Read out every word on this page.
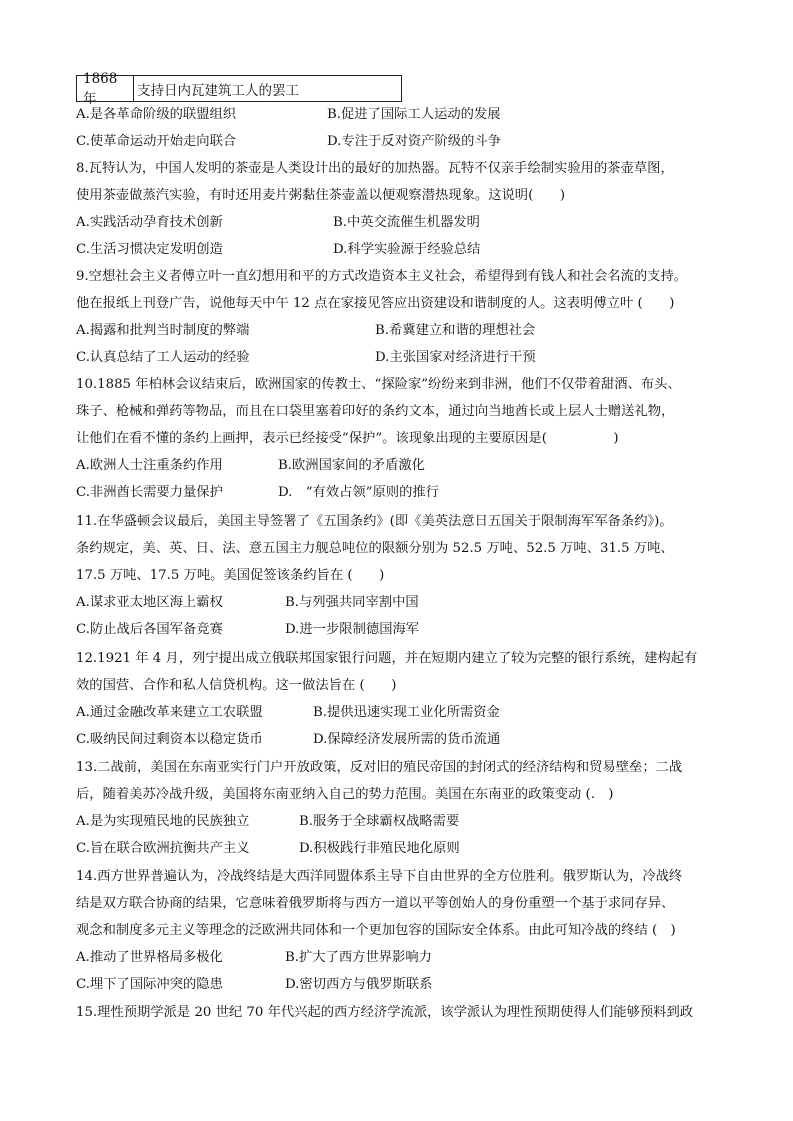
1868 年	支持日内瓦建筑工人的罢工
A.是各革命阶级的联盟组织	B.促进了国际工人运动的发展
C.使革命运动开始走向联合	D.专注于反对资产阶级的斗争
8.瓦特认为，中国人发明的茶壶是人类设计出的最好的加热器。瓦特不仅亲手绘制实验用的茶壶草图，
使用茶壶做蒸汽实验，有时还用麦片粥黏住茶壶盖以便观察潜热现象。这说明(　　)
A.实践活动孕育技术创新	B.中英交流催生机器发明
C.生活习惯决定发明创造	D.科学实验源于经验总结
9.空想社会主义者傅立叶一直幻想用和平的方式改造资本主义社会，希望得到有钱人和社会名流的支持。
他在报纸上刊登广告，说他每天中午 12 点在家接见答应出资建设和谐制度的人。这表明傅立叶 (　　)
A.揭露和批判当时制度的弊端	B.希冀建立和谐的理想社会
C.认真总结了工人运动的经验	D.主张国家对经济进行干预
10.1885 年柏林会议结束后，欧洲国家的传教士、“探险家”纷纷来到非洲，他们不仅带着甜酒、布头、
珠子、枪械和弹药等物品，而且在口袋里塞着印好的条约文本，通过向当地酋长或上层人士赠送礼物，
让他们在看不懂的条约上画押，表示已经接受“保护”。该现象出现的主要原因是(　　　　　)
A.欧洲人士注重条约作用	B.欧洲国家间的矛盾激化
C.非洲酋长需要力量保护	D.　“有效占领”原则的推行
11.在华盛顿会议最后，美国主导签署了《五国条约》(即《美英法意日五国关于限制海军军备条约》)。
条约规定，美、英、日、法、意五国主力舰总吨位的限额分别为 52.5 万吨、52.5 万吨、31.5 万吨、
17.5 万吨、17.5 万吨。美国促签该条约旨在 (　　)
A.谋求亚太地区海上霸权	B.与列强共同宰割中国
C.防止战后各国军备竞赛	D.进一步限制德国海军
12.1921 年 4 月，列宁提出成立俄联邦国家银行问题，并在短期内建立了较为完整的银行系统，建构起有
效的国营、合作和私人信贷机构。这一做法旨在 (　　)
A.通过金融改革来建立工农联盟	B.提供迅速实现工业化所需资金
C.吸纳民间过剩资本以稳定货币	D.保障经济发展所需的货币流通
13.二战前，美国在东南亚实行门户开放政策，反对旧的殖民帝国的封闭式的经济结构和贸易壁垒；二战
后，随着美苏冷战升级，美国将东南亚纳入自己的势力范围。美国在东南亚的政策变动 (.　)
A.是为实现殖民地的民族独立	B.服务于全球霸权战略需要
C.旨在联合欧洲抗衡共产主义	D.积极践行非殖民地化原则
14.西方世界普遍认为，冷战终结是大西洋同盟体系主导下自由世界的全方位胜利。俄罗斯认为，冷战终
结是双方联合协商的结果，它意味着俄罗斯将与西方一道以平等创始人的身份重塑一个基于求同存异、
观念和制度多元主义等理念的泛欧洲共同体和一个更加包容的国际安全体系。由此可知冷战的终结 (　)
A.推动了世界格局多极化	B.扩大了西方世界影响力
C.埋下了国际冲突的隐患	D.密切西方与俄罗斯联系
15.理性预期学派是 20 世纪 70 年代兴起的西方经济学流派，该学派认为理性预期使得人们能够预料到政
